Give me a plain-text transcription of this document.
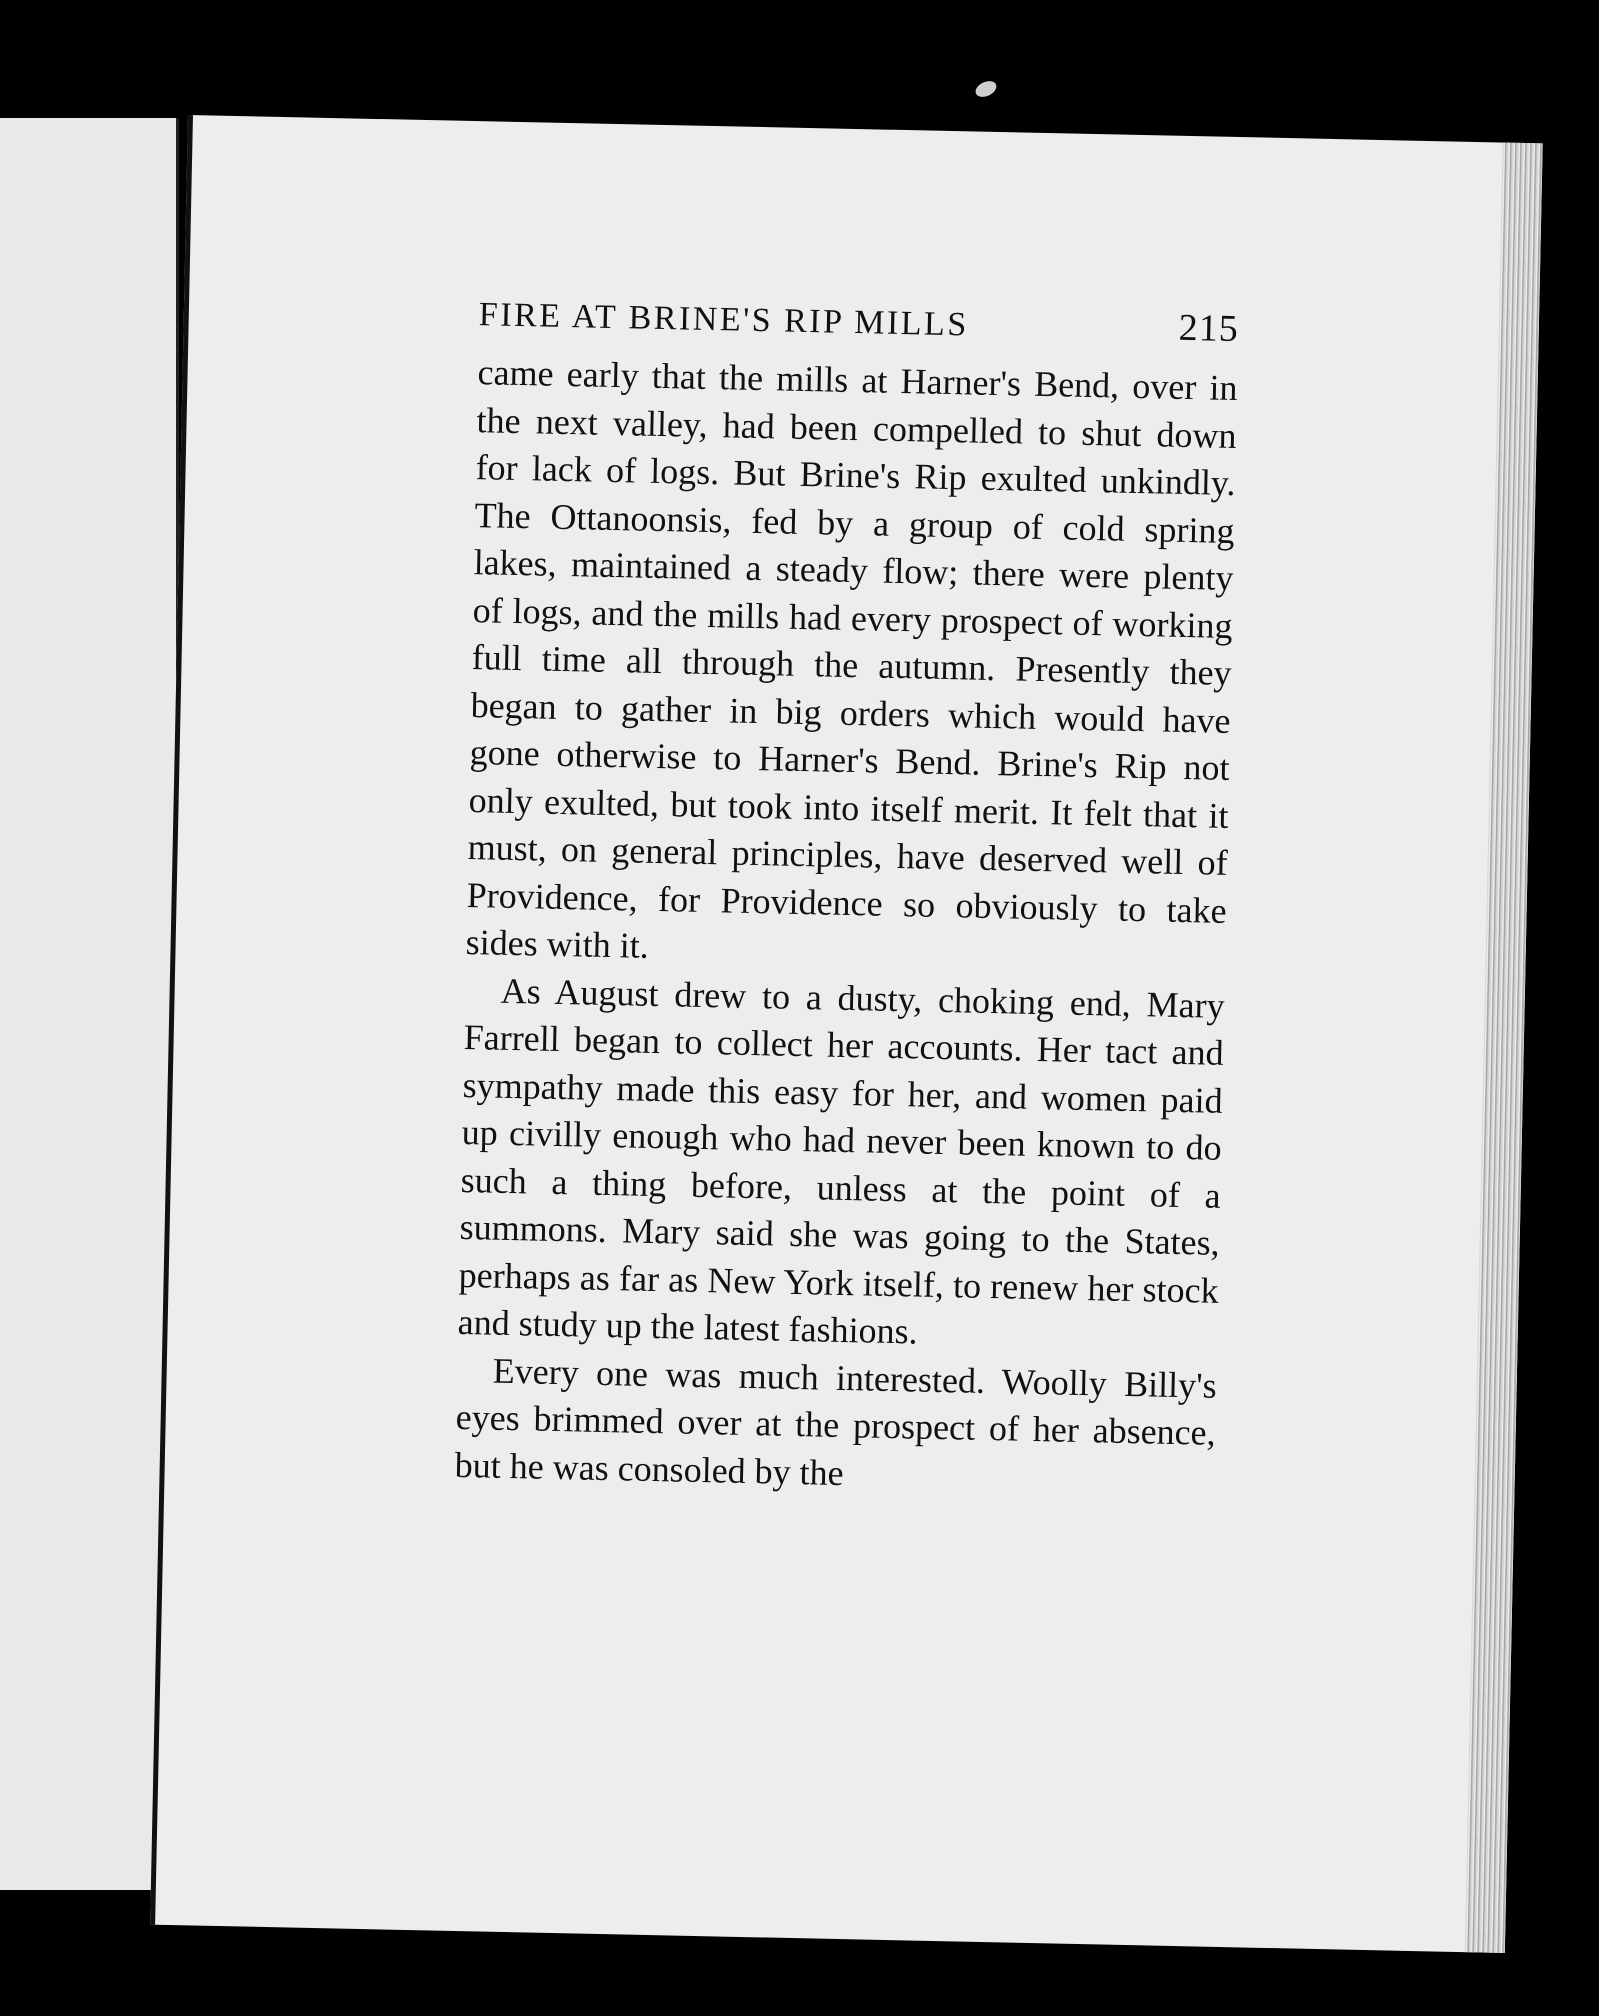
FIRE AT BRINE'S RIP MILLS	215

came early that the mills at Harner's Bend, over in the next valley, had been compelled to shut down for lack of logs. But Brine's Rip exulted unkindly. The Ottanoonsis, fed by a group of cold spring lakes, maintained a steady flow; there were plenty of logs, and the mills had every prospect of working full time all through the autumn. Presently they began to gather in big orders which would have gone otherwise to Harner's Bend. Brine's Rip not only exulted, but took into itself merit. It felt that it must, on general principles, have deserved well of Providence, for Providence so obviously to take sides with it.

As August drew to a dusty, choking end, Mary Farrell began to collect her accounts. Her tact and sympathy made this easy for her, and women paid up civilly enough who had never been known to do such a thing before, unless at the point of a summons. Mary said she was going to the States, perhaps as far as New York itself, to renew her stock and study up the latest fashions.

Every one was much interested. Woolly Billy's eyes brimmed over at the prospect of her absence, but he was consoled by the
